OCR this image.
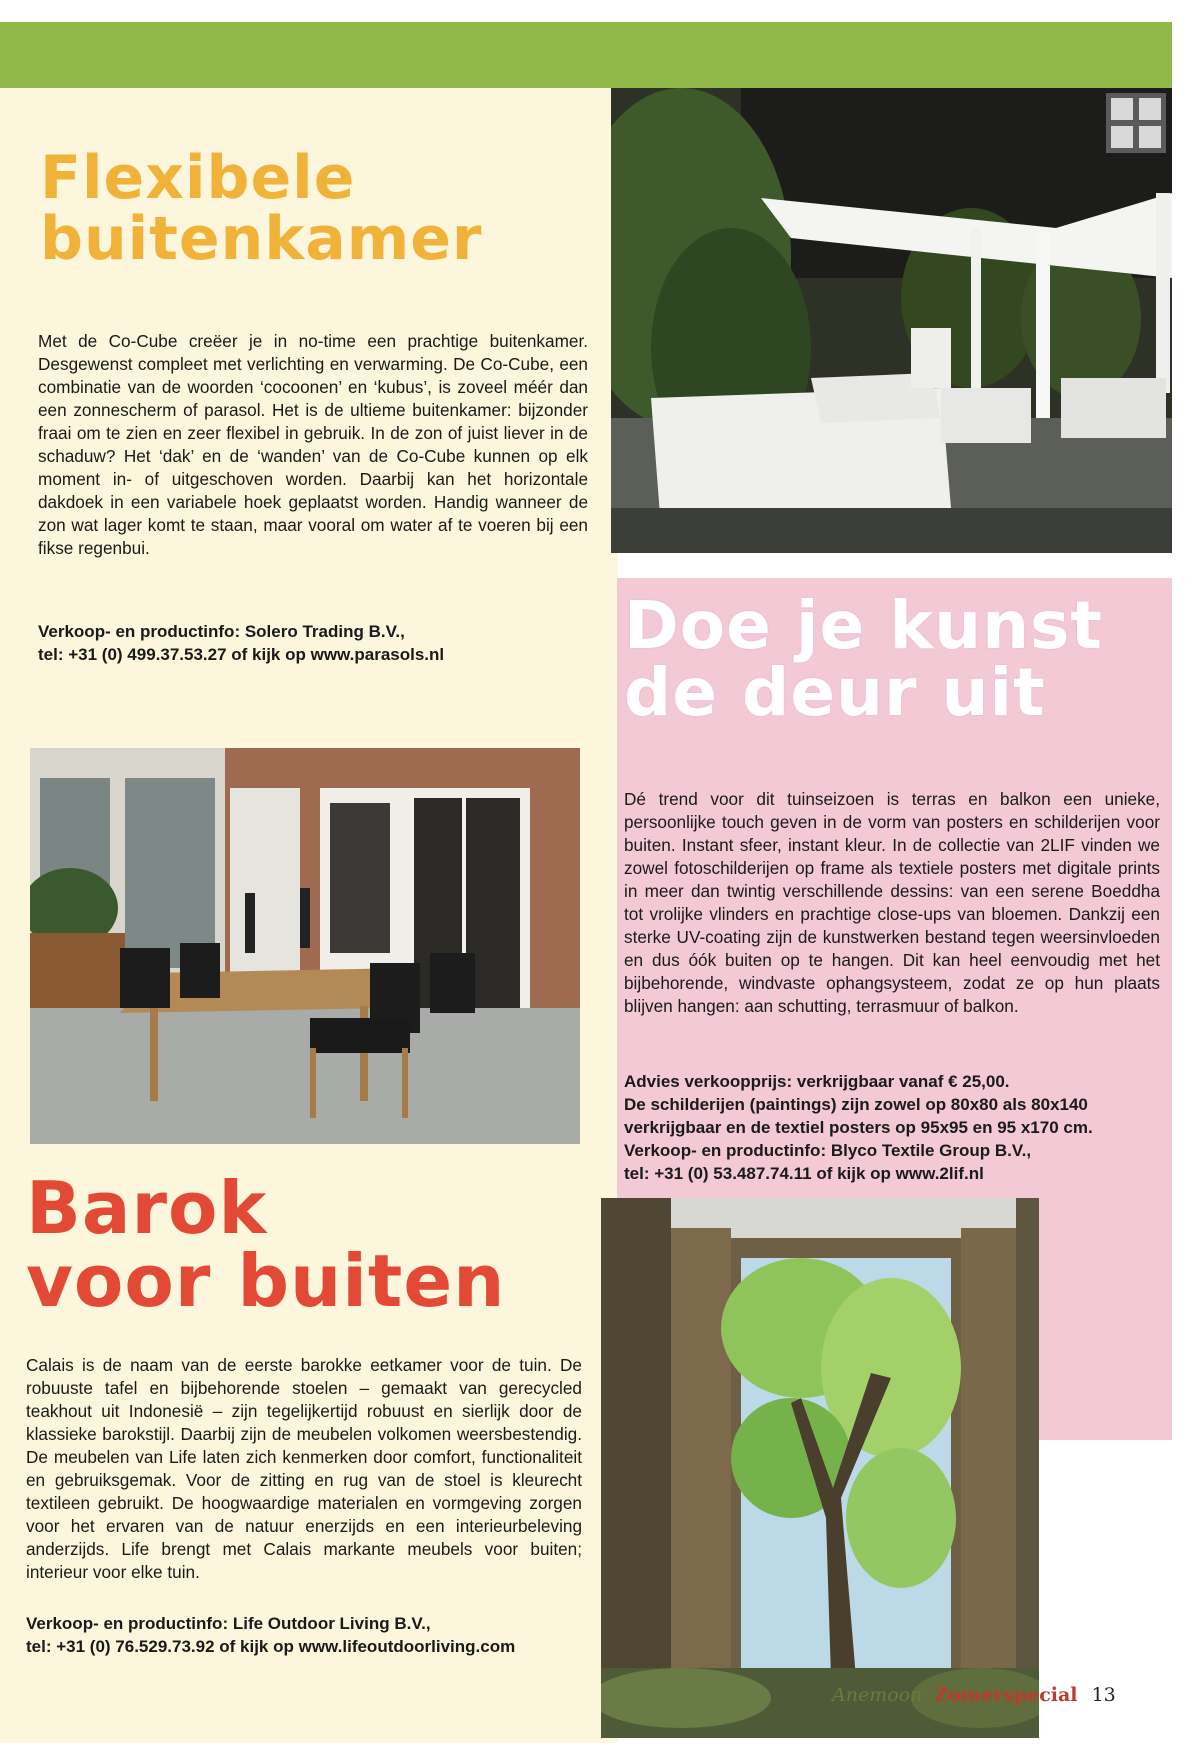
Flexibele
buitenkamer

Met de Co-Cube creëer je in no-time een prachtige buitenkamer. Desgewenst compleet met verlichting en verwarming. De Co-Cube, een combinatie van de woorden ‘cocoonen’ en ‘kubus’, is zoveel méér dan een zonnescherm of parasol. Het is de ultieme buitenkamer: bijzonder fraai om te zien en zeer flexibel in gebruik. In de zon of juist liever in de schaduw? Het ‘dak’ en de ‘wanden’ van de Co-Cube kunnen op elk moment in- of uitgeschoven worden. Daarbij kan het horizontale dakdoek in een variabele hoek geplaatst worden. Handig wanneer de zon wat lager komt te staan, maar vooral om water af te voeren bij een fikse regenbui.

Verkoop- en productinfo: Solero Trading B.V.,
tel: +31 (0) 499.37.53.27 of kijk op www.parasols.nl	Doe je kunst
de deur uit

Dé trend voor dit tuinseizoen is terras en balkon een unieke, persoonlijke touch geven in de vorm van posters en schilderijen voor buiten. Instant sfeer, instant kleur. In de collectie van 2LIF vinden we zowel fotoschilderijen op frame als textiele posters met digitale prints in meer dan twintig verschillende dessins: van een serene Boeddha tot vrolijke vlinders en prachtige close-ups van bloemen. Dankzij een sterke UV-coating zijn de kunstwerken bestand tegen weersinvloeden en dus óók buiten op te hangen. Dit kan heel eenvoudig met het bijbehorende, windvaste ophangsysteem, zodat ze op hun plaats blijven hangen: aan schutting, terrasmuur of balkon.

Advies verkoopprijs: verkrijgbaar vanaf € 25,00.
De schilderijen (paintings) zijn zowel op 80x80 als 80x140 verkrijgbaar en de textiel posters op 95x95 en 95 x170 cm.
Verkoop- en productinfo: Blyco Textile Group B.V.,
tel: +31 (0) 53.487.74.11 of kijk op www.2lif.nl

Barok
voor buiten

Calais is de naam van de eerste barokke eetkamer voor de tuin. De robuuste tafel en bijbehorende stoelen – gemaakt van gerecycled teakhout uit Indonesië – zijn tegelijkertijd robuust en sierlijk door de klassieke barokstijl. Daarbij zijn de meubelen volkomen weersbestendig. De meubelen van Life laten zich kenmerken door comfort, functionaliteit en gebruiksgemak. Voor de zitting en rug van de stoel is kleurecht textileen gebruikt. De hoogwaardige materialen en vormgeving zorgen voor het ervaren van de natuur enerzijds en een interieurbeleving anderzijds. Life brengt met Calais markante meubels voor buiten; interieur voor elke tuin.

Verkoop- en productinfo: Life Outdoor Living B.V.,
tel: +31 (0) 76.529.73.92 of kijk op www.lifeoutdoorliving.com

Anemoon Zomerspecial 13
